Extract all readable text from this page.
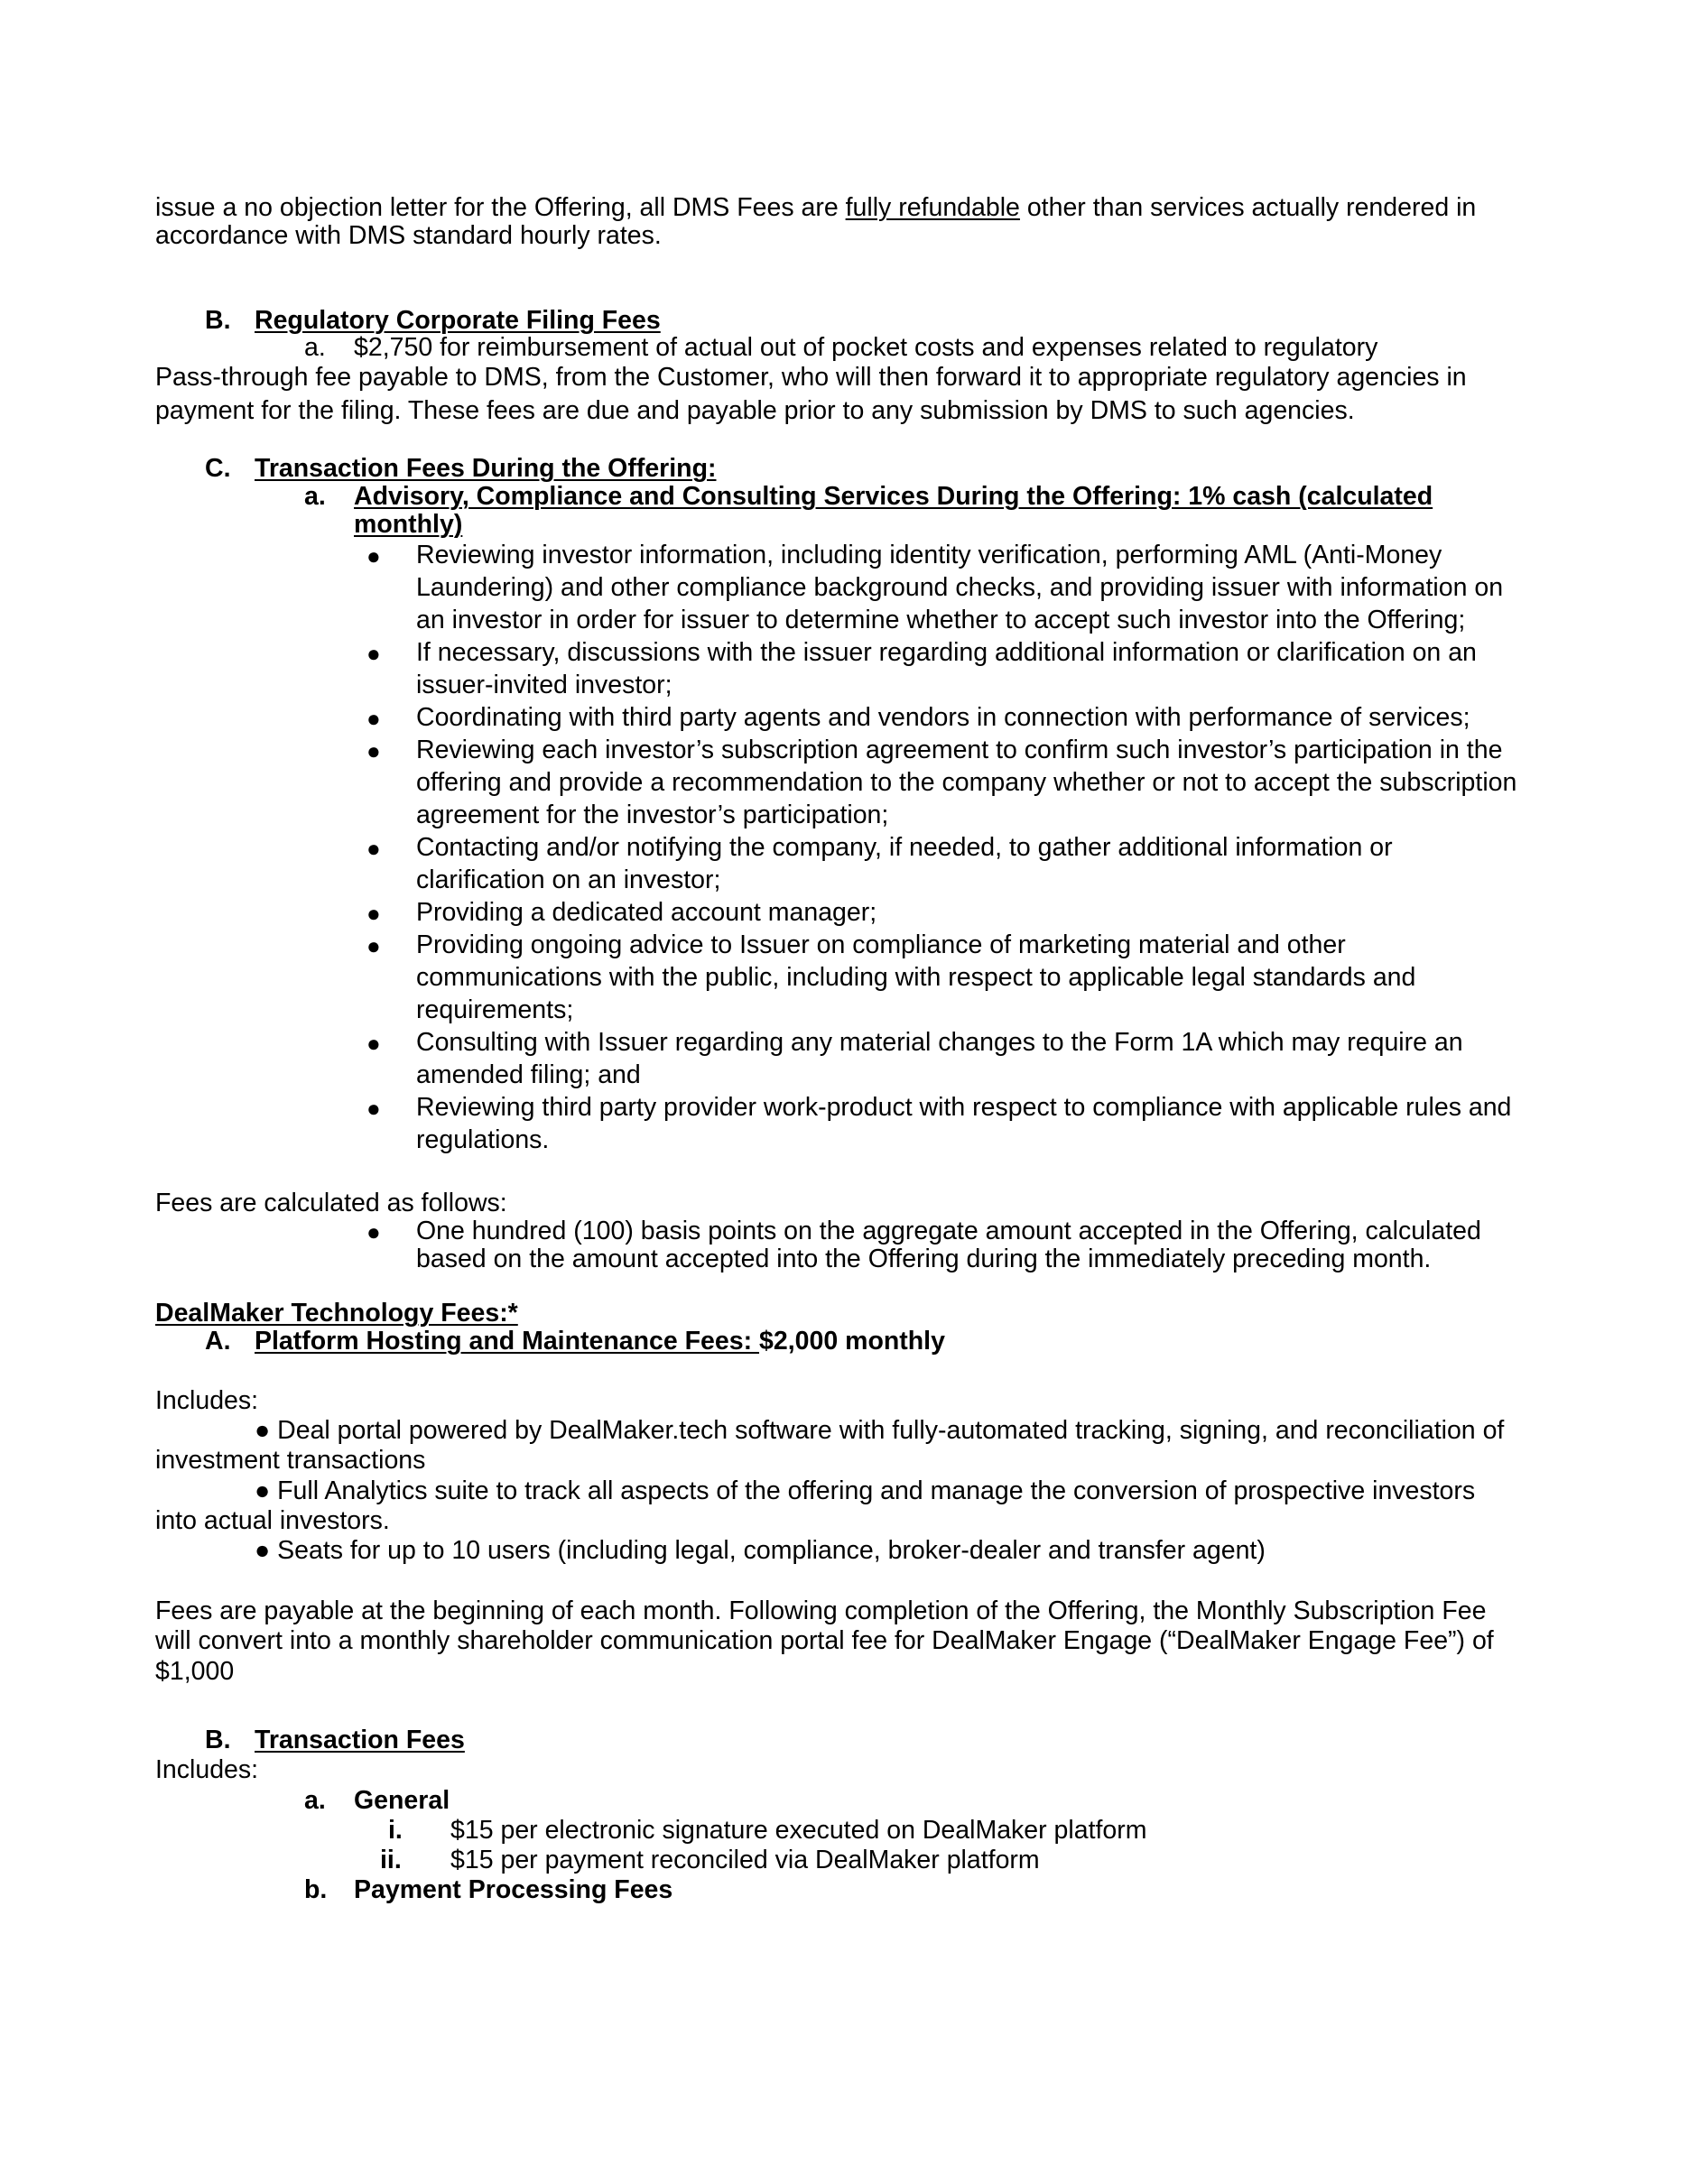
issue a no objection letter for the Offering, all DMS Fees are fully refundable other than services actually rendered in

accordance with DMS standard hourly rates.

B. Regulatory Corporate Filing Fees

a. $2,750 for reimbursement of actual out of pocket costs and expenses related to regulatory

Pass-through fee payable to DMS, from the Customer, who will then forward it to appropriate regulatory agencies in

payment for the filing. These fees are due and payable prior to any submission by DMS to such agencies.

C. Transaction Fees During the Offering:

a. Advisory, Compliance and Consulting Services During the Offering: 1% cash (calculated

monthly)

● Reviewing investor information, including identity verification, performing AML (Anti-Money

Laundering) and other compliance background checks, and providing issuer with information on

an investor in order for issuer to determine whether to accept such investor into the Offering;

● If necessary, discussions with the issuer regarding additional information or clarification on an

issuer-invited investor;

● Coordinating with third party agents and vendors in connection with performance of services;

● Reviewing each investor’s subscription agreement to confirm such investor’s participation in the

offering and provide a recommendation to the company whether or not to accept the subscription

agreement for the investor’s participation;

● Contacting and/or notifying the company, if needed, to gather additional information or

clarification on an investor;

● Providing a dedicated account manager;

● Providing ongoing advice to Issuer on compliance of marketing material and other

communications with the public, including with respect to applicable legal standards and

requirements;

● Consulting with Issuer regarding any material changes to the Form 1A which may require an

amended filing; and

● Reviewing third party provider work-product with respect to compliance with applicable rules and

regulations.

Fees are calculated as follows:

● One hundred (100) basis points on the aggregate amount accepted in the Offering, calculated

based on the amount accepted into the Offering during the immediately preceding month.

DealMaker Technology Fees:*

A. Platform Hosting and Maintenance Fees: $2,000 monthly

Includes:

● Deal portal powered by DealMaker.tech software with fully-automated tracking, signing, and reconciliation of

investment transactions

● Full Analytics suite to track all aspects of the offering and manage the conversion of prospective investors

into actual investors.

● Seats for up to 10 users (including legal, compliance, broker-dealer and transfer agent)

Fees are payable at the beginning of each month. Following completion of the Offering, the Monthly Subscription Fee

will convert into a monthly shareholder communication portal fee for DealMaker Engage (“DealMaker Engage Fee”) of

$1,000

B. Transaction Fees

Includes:

a. General

i. $15 per electronic signature executed on DealMaker platform

ii. $15 per payment reconciled via DealMaker platform

b. Payment Processing Fees
